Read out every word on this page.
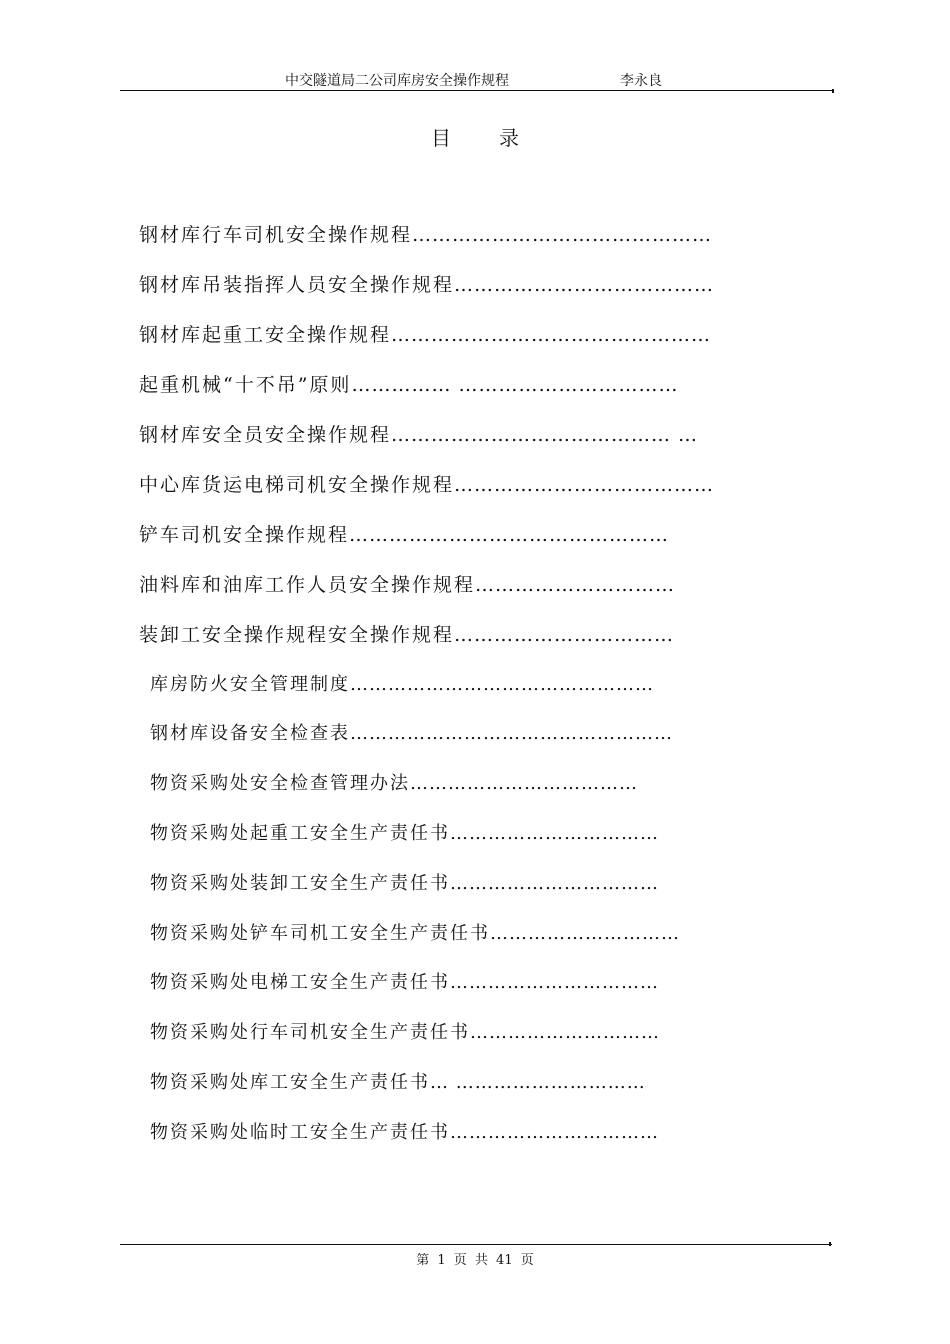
中交隧道局二公司库房安全操作规程	李永良
目录
钢材库行车司机安全操作规程………………………………………
钢材库吊装指挥人员安全操作规程…………………………………
钢材库起重工安全操作规程…………………………………………
起重机械“十不吊”原则…………… ……………………………
钢材库安全员安全操作规程…………………………………… …
中心库货运电梯司机安全操作规程…………………………………
铲车司机安全操作规程…………………………………………
油料库和油库工作人员安全操作规程…………………………
装卸工安全操作规程安全操作规程……………………………
库房防火安全管理制度…………………………………………
钢材库设备安全检查表……………………………………………
物资采购处安全检查管理办法………………………………
物资采购处起重工安全生产责任书……………………………
物资采购处装卸工安全生产责任书……………………………
物资采购处铲车司机工安全生产责任书…………………………
物资采购处电梯工安全生产责任书……………………………
物资采购处行车司机安全生产责任书…………………………
物资采购处库工安全生产责任书… …………………………
物资采购处临时工安全生产责任书……………………………
第 1 页 共 41 页
